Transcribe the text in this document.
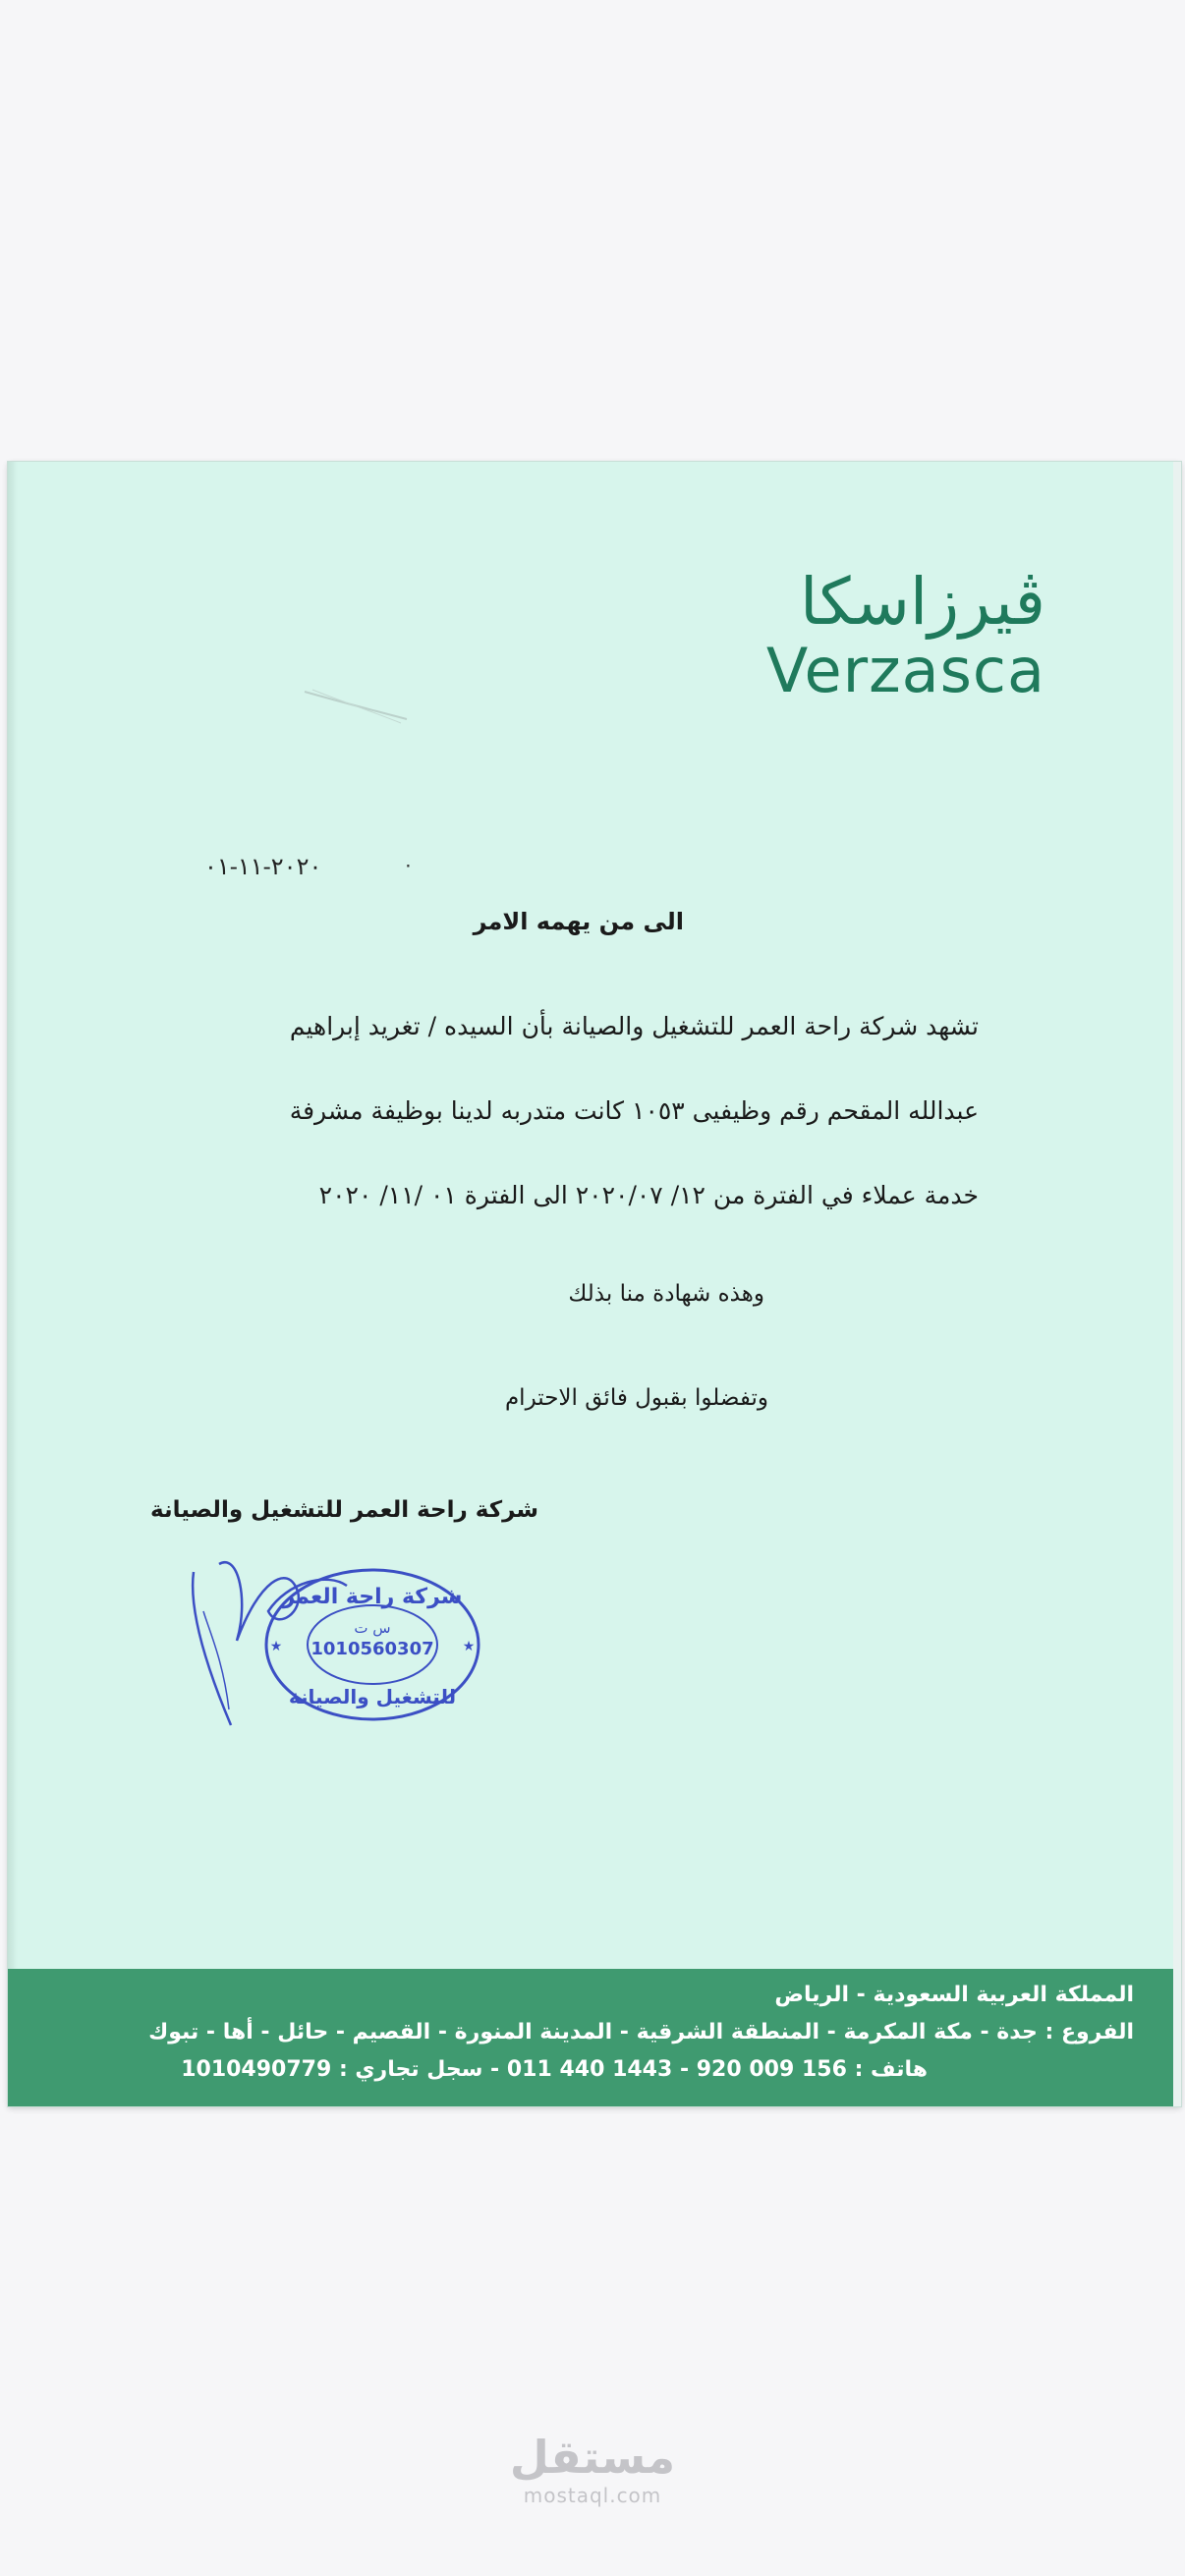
ڤيرزاسكا
Verzasca
٢٠٢٠-١١-٠١	٠
الى من يهمه الامر
تشهد شركة راحة العمر للتشغيل والصيانة بأن السيده / تغريد إبراهيم
عبدالله المقحم رقم وظيفيى ١٠٥٣ كانت متدربه لدينا بوظيفة مشرفة
خدمة عملاء في الفترة من ١٢/ ٢٠٢٠/٠٧ الى الفترة ٠١ /١١/ ٢٠٢٠
وهذه شهادة منا بذلك
وتفضلوا بقبول فائق الاحترام
شركة راحة العمر للتشغيل والصيانة
شركة راحة العمر
س ت
1010560307
للتشغيل والصيانة
★	★
المملكة العربية السعودية - الرياض
الفروع : جدة - مكة المكرمة - المنطقة الشرقية - المدينة المنورة - القصيم - حائل - أها - تبوك
هاتف : 156 009 920 - 1443 440 011 - سجل تجاري : 1010490779
مستقل
mostaql.com
